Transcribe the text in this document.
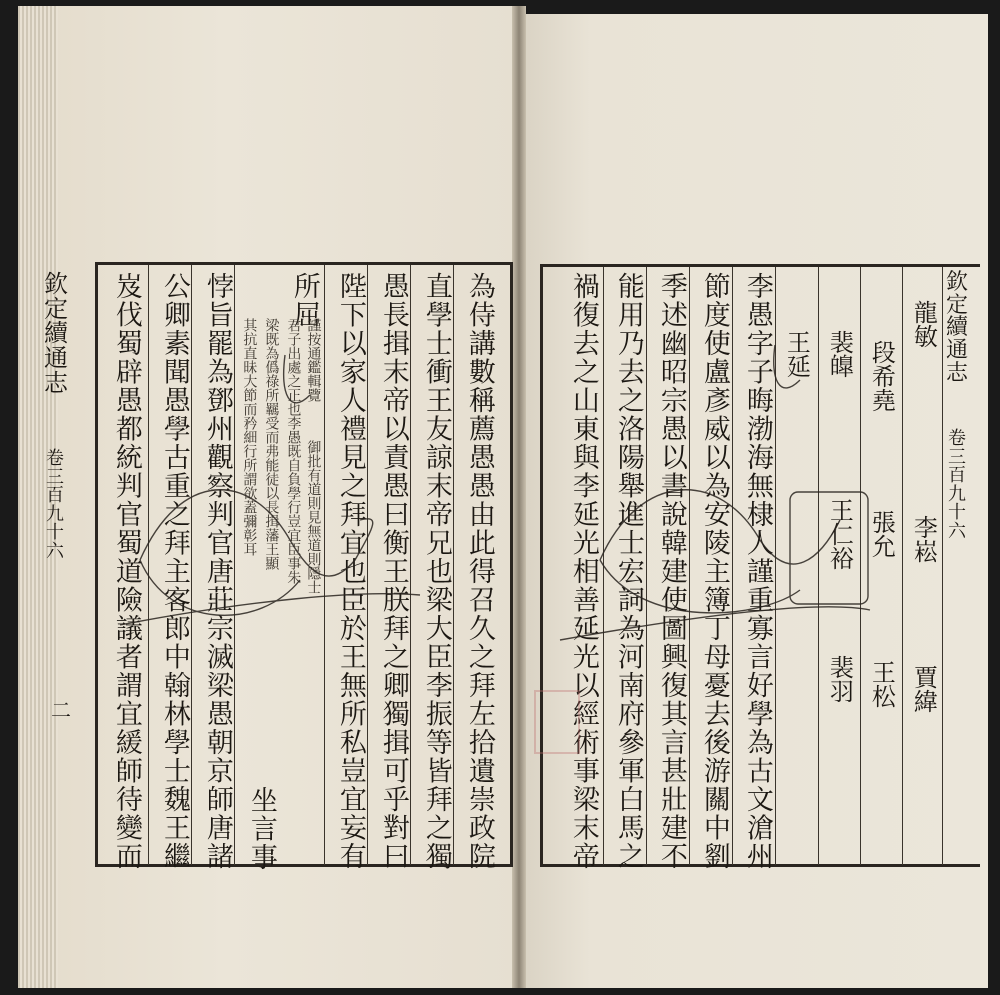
欽定續通志
卷三百九十六
二	為侍講數稱薦愚愚由此得召久之拜左拾遺崇政院
直學士衝王友諒末帝兄也梁大臣李振等皆拜之獨
愚長揖末帝以責愚曰衡王朕拜之卿獨揖可乎對曰
陛下以家人禮見之拜宜也臣於王無所私豈宜妄有
所屈
謹按通鑑輯覽
御批有道則見無道則隱士
君子出處之正也李愚既自負學行豈宜臣事朱
梁既為僞祿所羈受而弗能徒以長揖藩王顯
其抗直昧大節而矜細行所謂欲蓋彌彰耳
坐言事
悖旨罷為鄧州觀察判官唐莊宗滅梁愚朝京師唐諸
公卿素聞愚學古重之拜主客郎中翰林學士魏王繼
岌伐蜀辟愚都統判官蜀道險議者謂宜緩師待變而	欽定續通志
卷三百九十六
龍敏
李崧
賈緯
段希堯
張允
王松
裴皥
王仁裕
裴羽
王延
李愚字子晦渤海無棣人謹重寡言好學為古文滄州
節度使盧彥威以為安陵主簿丁母憂去後游關中劉
季述幽昭宗愚以書說韓建使圖興復其言甚壯建不
能用乃去之洛陽舉進士宏詞為河南府參軍白馬之
禍復去之山東與李延光相善延光以經術事梁末帝
